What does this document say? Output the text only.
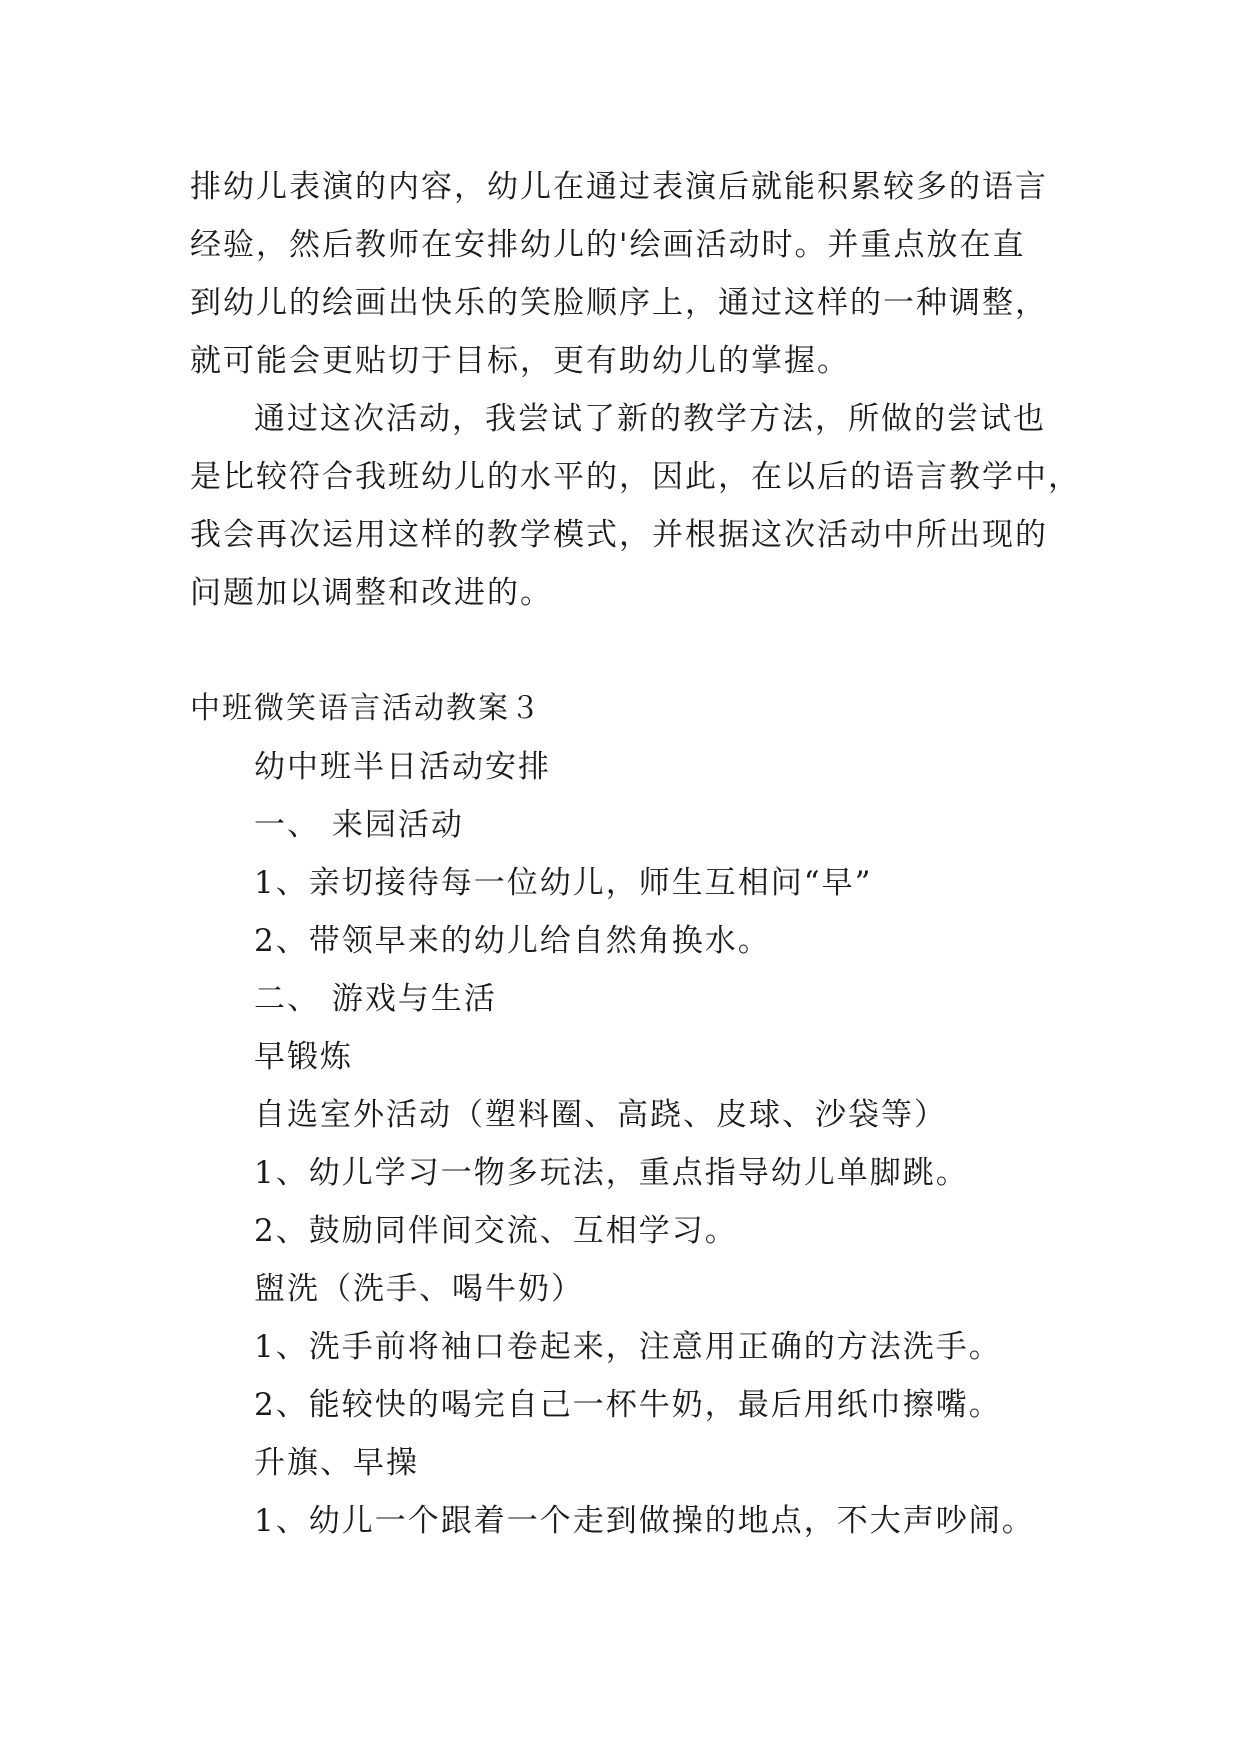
排幼儿表演的内容，幼儿在通过表演后就能积累较多的语言
经验，然后教师在安排幼儿的'绘画活动时。并重点放在直
到幼儿的绘画出快乐的笑脸顺序上，通过这样的一种调整，
就可能会更贴切于目标，更有助幼儿的掌握。

通过这次活动，我尝试了新的教学方法，所做的尝试也
是比较符合我班幼儿的水平的，因此，在以后的语言教学中，
我会再次运用这样的教学模式，并根据这次活动中所出现的
问题加以调整和改进的。

中班微笑语言活动教案３
幼中班半日活动安排
一、 来园活动
1、亲切接待每一位幼儿，师生互相问“早”
2、带领早来的幼儿给自然角换水。
二、 游戏与生活
早锻炼
自选室外活动（塑料圈、高跷、皮球、沙袋等）
1、幼儿学习一物多玩法，重点指导幼儿单脚跳。
2、鼓励同伴间交流、互相学习。
盥洗（洗手、喝牛奶）
1、洗手前将袖口卷起来，注意用正确的方法洗手。
2、能较快的喝完自己一杯牛奶，最后用纸巾擦嘴。
升旗、早操
1、幼儿一个跟着一个走到做操的地点，不大声吵闹。
